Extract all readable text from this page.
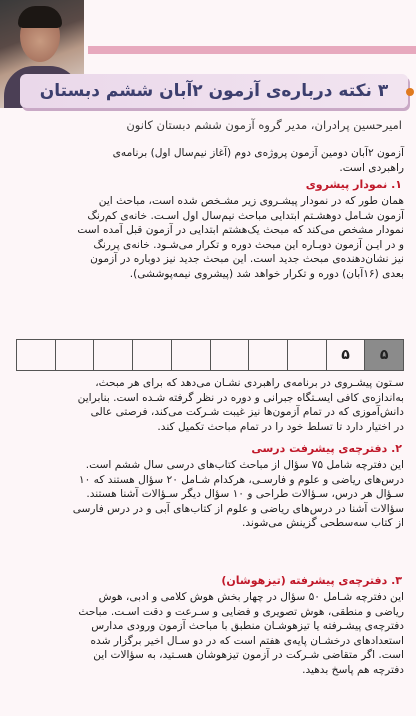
۳ نکته درباره‌ی آزمون ۲آبان ششم دبستان
امیرحسین پرادران، مدیر گروه آزمون ششم دبستان کانون
آزمون ۲آبان دومین آزمون پروژه‌ی دوم (آغاز نیم‌سال اول) برنامه‌ی
راهبردی است.
۱. نمودار پیشروی
همان طور که در نمودار پیشـروی زیر مشـخص شده است، مباحث این
آزمون شـامل دوهشـتم ابتدایی مباحث نیم‌سال اول اسـت. خانه‌ی کم‌رنگ
نمودار مشخص می‌کند که مبحث یک‌هشتم ابتدایی در آزمون قبل آمده است
و در ایـن آزمون دوبـاره این مبحث دوره و تکرار می‌شـود. خانه‌ی پررنگ
نیز نشان‌دهنده‌ی مبحث جدید است. این مبحث جدید نیز دوباره در آزمون
بعدی (۱۶آبان) دوره و تکرار خواهد شد (پیشروی نیمه‌پوششی).
۵	۵
سـتون پیشـروی در برنامه‌ی راهبردی نشـان می‌دهد که برای هر مبحث،
به‌اندازه‌ی کافی ایسـتگاه جبرانی و دوره در نظر گرفته شـده است. بنابراین
دانش‌آموزی که در تمام آزمون‌ها نیز غیبت شـرکت می‌کند، فرصتی عالی
در اختیار دارد تا تسلط خود را در تمام مباحث تکمیل کند.
۲. دفترچه‌ی پیشرفت درسی
این دفترچه شامل ۷۵ سؤال از مباحث کتاب‌های درسی سال ششم است.
درس‌های ریاضی و علوم و فارسـی، هرکدام شـامل ۲۰ سؤال هستند که ۱۰
سـؤال هر درس، سـؤالات طراحی و ۱۰ سؤال دیگر سـؤالات آشنا هستند.
سؤالات آشنا در درس‌های ریاضی و علوم از کتاب‌های آبی و در درس فارسی
از کتاب سه‌سطحی گزینش می‌شوند.
۳. دفترچه‌ی پیشرفته (تیزهوشان)
این دفترچه شـامل ۵۰ سؤال در چهار بخش هوش کلامی و ادبی، هوش
ریاضی و منطقی، هوش تصویری و فضایی و سـرعت و دقت اسـت. مباحث
دفترچه‌ی پیشـرفته یا تیزهوشـان منطبق با مباحث آزمون ورودی مدارس
استعدادهای درخشـان پایه‌ی هفتم است که در دو سـال اخیر برگزار شده
است. اگر متقاضی شـرکت در آزمون تیزهوشان هسـتید، به سؤالات این
دفترچه هم پاسخ بدهید.
